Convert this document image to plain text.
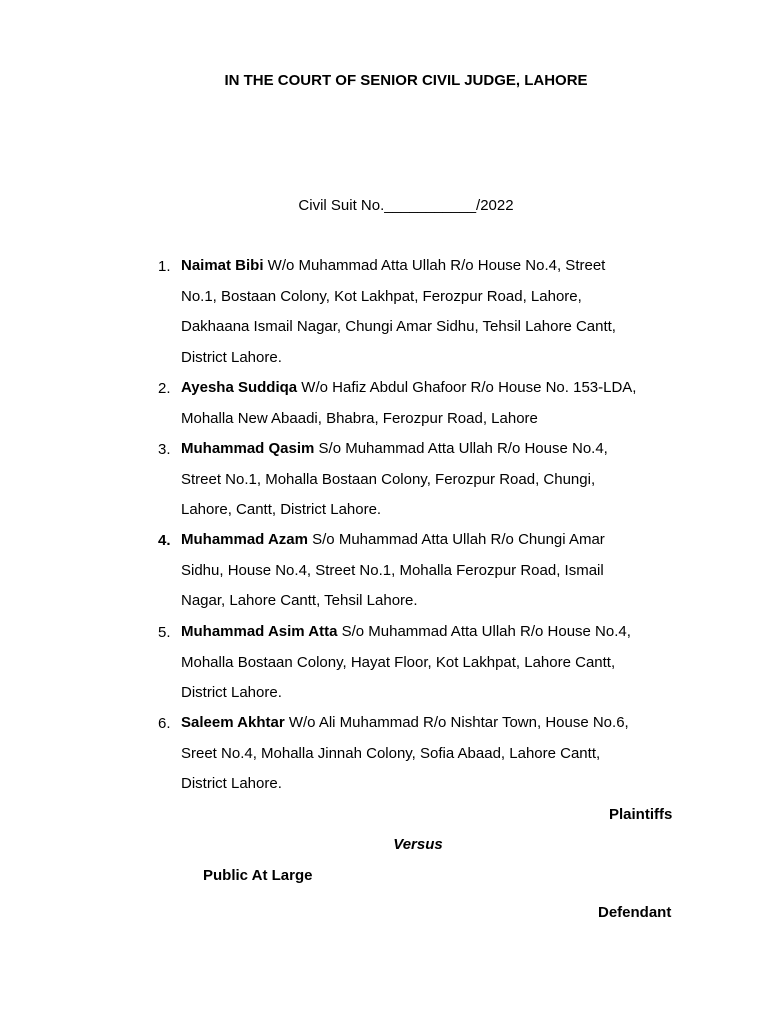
IN THE COURT OF SENIOR CIVIL JUDGE, LAHORE
Civil Suit No.___________/2022
1. Naimat Bibi W/o Muhammad Atta Ullah R/o House No.4, Street
No.1, Bostaan Colony, Kot Lakhpat, Ferozpur Road, Lahore,
Dakhaana Ismail Nagar, Chungi Amar Sidhu, Tehsil Lahore Cantt,
District Lahore.
2. Ayesha Suddiqa W/o Hafiz Abdul Ghafoor R/o House No. 153-LDA,
Mohalla New Abaadi, Bhabra, Ferozpur Road, Lahore
3. Muhammad Qasim S/o Muhammad Atta Ullah R/o House No.4,
Street No.1, Mohalla Bostaan Colony, Ferozpur Road, Chungi,
Lahore, Cantt, District Lahore.
4. Muhammad Azam S/o Muhammad Atta Ullah R/o Chungi Amar
Sidhu, House No.4, Street No.1, Mohalla Ferozpur Road, Ismail
Nagar, Lahore Cantt, Tehsil Lahore.
5. Muhammad Asim Atta S/o Muhammad Atta Ullah R/o House No.4,
Mohalla Bostaan Colony, Hayat Floor, Kot Lakhpat, Lahore Cantt,
District Lahore.
6. Saleem Akhtar W/o Ali Muhammad R/o Nishtar Town, House No.6,
Sreet No.4, Mohalla Jinnah Colony, Sofia Abaad, Lahore Cantt,
District Lahore.
Plaintiffs
Versus
Public At Large
Defendant
